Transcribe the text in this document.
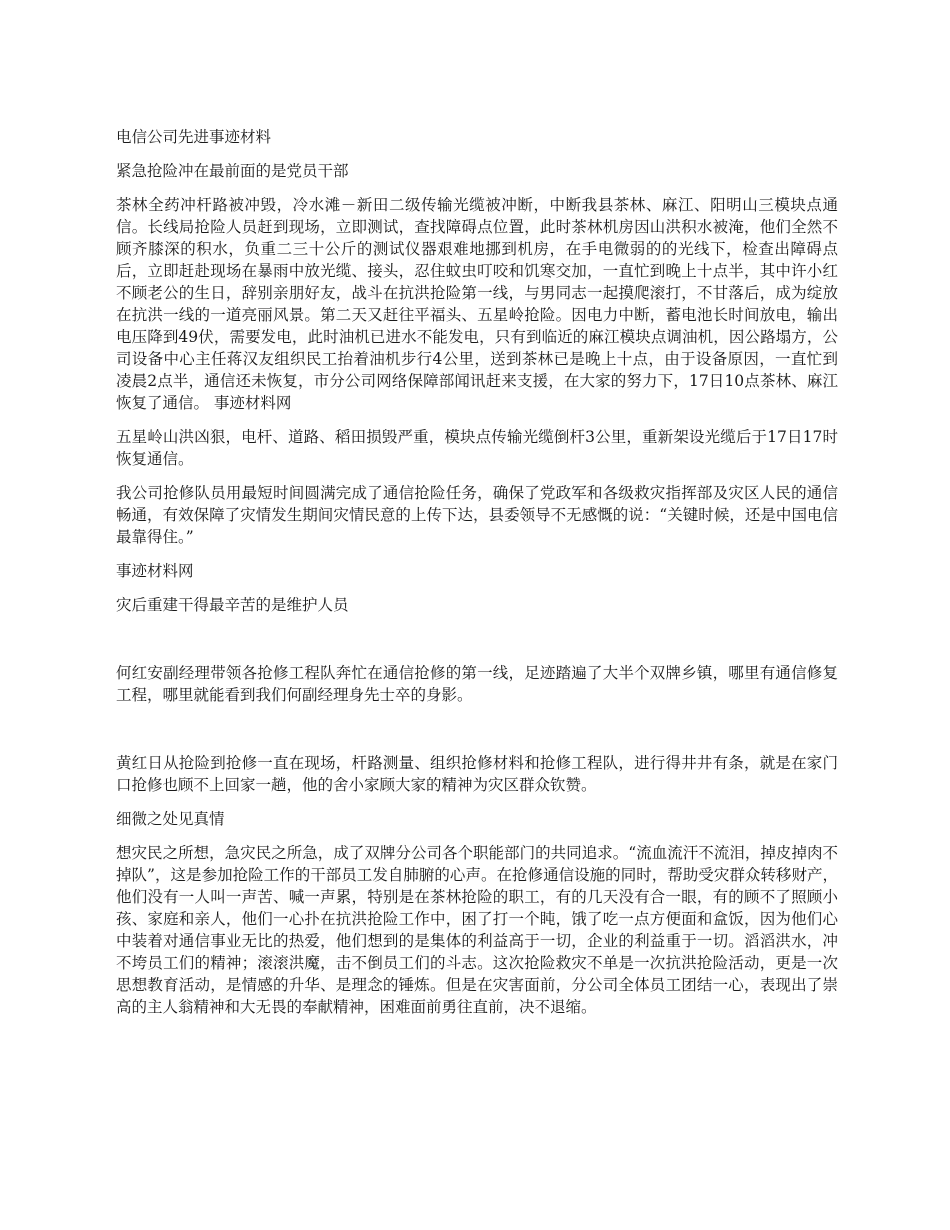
电信公司先进事迹材料

紧急抢险冲在最前面的是党员干部

茶林全药冲杆路被冲毁，冷水滩－新田二级传输光缆被冲断，中断我县茶林、麻江、阳明山三模块点通信。长线局抢险人员赶到现场，立即测试，查找障碍点位置，此时茶林机房因山洪积水被淹，他们全然不顾齐膝深的积水，负重二三十公斤的测试仪器艰难地挪到机房，在手电微弱的的光线下，检查出障碍点后，立即赶赴现场在暴雨中放光缆、接头，忍住蚊虫叮咬和饥寒交加，一直忙到晚上十点半，其中许小红不顾老公的生日，辞别亲朋好友，战斗在抗洪抢险第一线，与男同志一起摸爬滚打，不甘落后，成为绽放在抗洪一线的一道亮丽风景。第二天又赶往平福头、五星岭抢险。因电力中断，蓄电池长时间放电，输出电压降到49伏，需要发电，此时油机已进水不能发电，只有到临近的麻江模块点调油机，因公路塌方，公司设备中心主任蒋汉友组织民工抬着油机步行4公里，送到茶林已是晚上十点，由于设备原因，一直忙到凌晨2点半，通信还未恢复，市分公司网络保障部闻讯赶来支援，在大家的努力下，17日10点茶林、麻江恢复了通信。 事迹材料网

五星岭山洪凶狠，电杆、道路、稻田损毁严重，模块点传输光缆倒杆3公里，重新架设光缆后于17日17时恢复通信。

我公司抢修队员用最短时间圆满完成了通信抢险任务，确保了党政军和各级救灾指挥部及灾区人民的通信畅通，有效保障了灾情发生期间灾情民意的上传下达，县委领导不无感慨的说：“关键时候，还是中国电信最靠得住。”

事迹材料网

灾后重建干得最辛苦的是维护人员

何红安副经理带领各抢修工程队奔忙在通信抢修的第一线，足迹踏遍了大半个双牌乡镇，哪里有通信修复工程，哪里就能看到我们何副经理身先士卒的身影。

黄红日从抢险到抢修一直在现场，杆路测量、组织抢修材料和抢修工程队，进行得井井有条，就是在家门口抢修也顾不上回家一趟，他的舍小家顾大家的精神为灾区群众钦赞。

细微之处见真情

想灾民之所想，急灾民之所急，成了双牌分公司各个职能部门的共同追求。“流血流汗不流泪，掉皮掉肉不掉队”，这是参加抢险工作的干部员工发自肺腑的心声。在抢修通信设施的同时，帮助受灾群众转移财产，他们没有一人叫一声苦、喊一声累，特别是在茶林抢险的职工，有的几天没有合一眼，有的顾不了照顾小孩、家庭和亲人，他们一心扑在抗洪抢险工作中，困了打一个盹，饿了吃一点方便面和盒饭，因为他们心中装着对通信事业无比的热爱，他们想到的是集体的利益高于一切，企业的利益重于一切。滔滔洪水，冲不垮员工们的精神；滚滚洪魔，击不倒员工们的斗志。这次抢险救灾不单是一次抗洪抢险活动，更是一次思想教育活动，是情感的升华、是理念的锤炼。但是在灾害面前，分公司全体员工团结一心，表现出了崇高的主人翁精神和大无畏的奉献精神，困难面前勇往直前，决不退缩。
